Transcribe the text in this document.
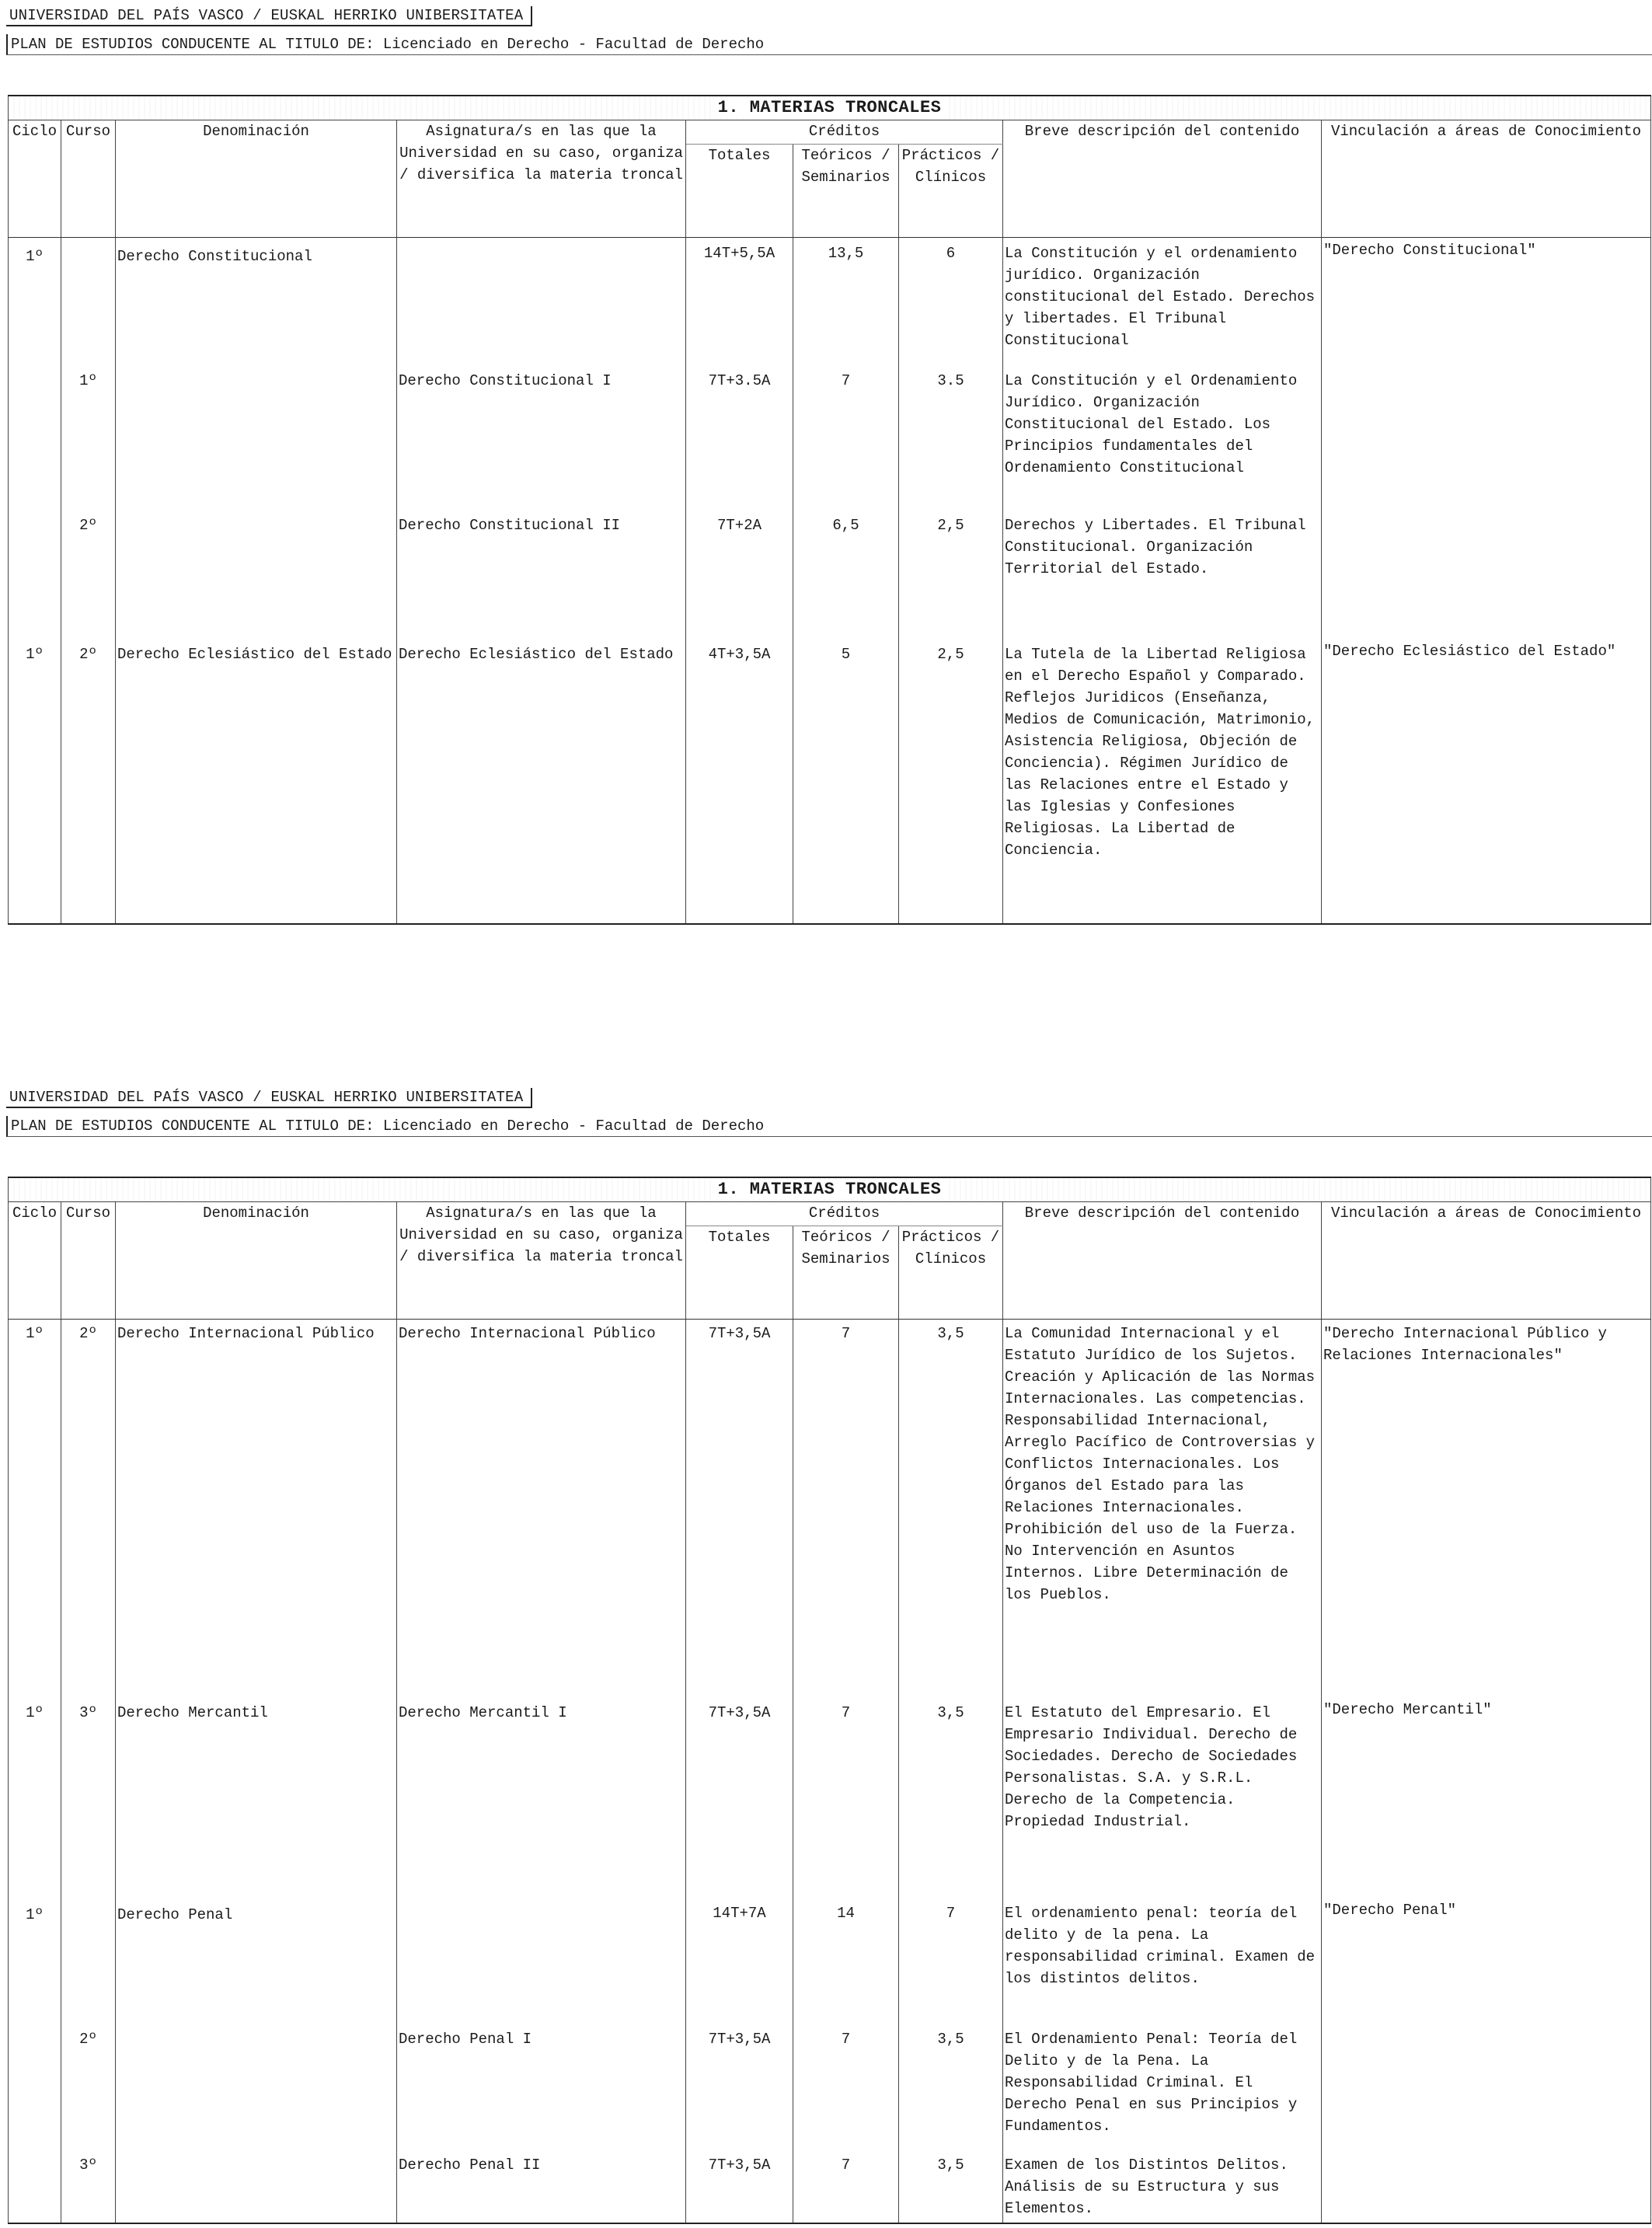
UNIVERSIDAD DEL PAÍS VASCO / EUSKAL HERRIKO UNIBERSITATEA
PLAN DE ESTUDIOS CONDUCENTE AL TITULO DE: Licenciado en Derecho - Facultad de Derecho
1. MATERIAS TRONCALES								
Ciclo	Curso	Denominación	Asignatura/s en las que la Universidad en su caso, organiza / diversifica la materia troncal	Créditos			Breve descripción del contenido	Vinculación a áreas de Conocimiento
				Totales	Teóricos / Seminarios	Prácticos / Clínicos		
1º		Derecho Constitucional		14T+5,5A	13,5	6	La Constitución y el ordenamiento jurídico. Organización constitucional del Estado. Derechos y libertades. El Tribunal Constitucional	"Derecho Constitucional"
	1º		Derecho Constitucional I	7T+3.5A	7	3.5	La Constitución y el Ordenamiento Jurídico. Organización Constitucional del Estado. Los Principios fundamentales del Ordenamiento Constitucional	
	2º		Derecho Constitucional II	7T+2A	6,5	2,5	Derechos y Libertades. El Tribunal Constitucional. Organización Territorial del Estado.	
1º	2º	Derecho Eclesiástico del Estado	Derecho Eclesiástico del Estado	4T+3,5A	5	2,5	La Tutela de la Libertad Religiosa en el Derecho Español y Comparado. Reflejos Juridicos (Enseñanza, Medios de Comunicación, Matrimonio, Asistencia Religiosa, Objeción de Conciencia). Régimen Jurídico de las Relaciones entre el Estado y las Iglesias y Confesiones Religiosas. La Libertad de Conciencia.	"Derecho Eclesiástico del Estado"
UNIVERSIDAD DEL PAÍS VASCO / EUSKAL HERRIKO UNIBERSITATEA
PLAN DE ESTUDIOS CONDUCENTE AL TITULO DE: Licenciado en Derecho - Facultad de Derecho
1. MATERIAS TRONCALES								
Ciclo	Curso	Denominación	Asignatura/s en las que la Universidad en su caso, organiza / diversifica la materia troncal	Créditos			Breve descripción del contenido	Vinculación a áreas de Conocimiento
				Totales	Teóricos / Seminarios	Prácticos / Clínicos		
1º	2º	Derecho Internacional Público	Derecho Internacional Público	7T+3,5A	7	3,5	La Comunidad Internacional y el Estatuto Jurídico de los Sujetos. Creación y Aplicación de las Normas Internacionales. Las competencias. Responsabilidad Internacional, Arreglo Pacífico de Controversias y Conflictos Internacionales. Los Órganos del Estado para las Relaciones Internacionales. Prohibición del uso de la Fuerza. No Intervención en Asuntos Internos. Libre Determinación de los Pueblos.	"Derecho Internacional Público y Relaciones Internacionales"
1º	3º	Derecho Mercantil	Derecho Mercantil I	7T+3,5A	7	3,5	El Estatuto del Empresario. El Empresario Individual. Derecho de Sociedades. Derecho de Sociedades Personalistas. S.A. y S.R.L. Derecho de la Competencia. Propiedad Industrial.	"Derecho Mercantil"
1º		Derecho Penal		14T+7A	14	7	El ordenamiento penal: teoría del delito y de la pena. La responsabilidad criminal. Examen de los distintos delitos.	"Derecho Penal"
	2º		Derecho Penal I	7T+3,5A	7	3,5	El Ordenamiento Penal: Teoría del Delito y de la Pena. La Responsabilidad Criminal. El Derecho Penal en sus Principios y Fundamentos.	
	3º		Derecho Penal II	7T+3,5A	7	3,5	Examen de los Distintos Delitos. Análisis de su Estructura y sus Elementos.	
